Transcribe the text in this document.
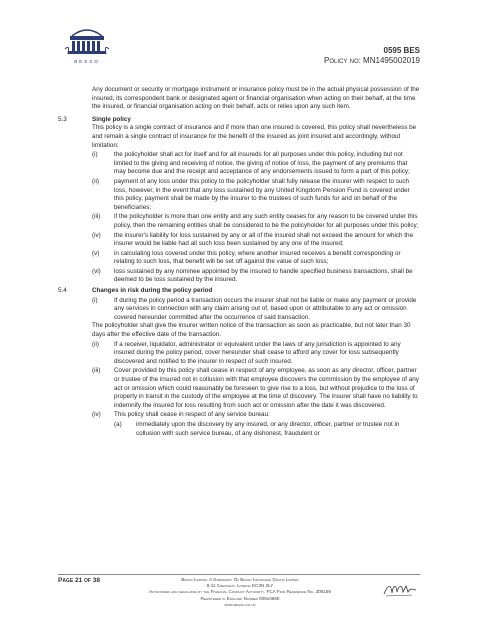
BESSO
0595 BES
Policy no: MN1495002019

Any document or security or mortgage instrument or insurance policy must be in the actual physical possession of the insured, its correspondent bank or designated agent or financial organisation when acting on their behalf, at the time the insured, or financial organisation acting on their behalf, acts or relies upon any such item.

5.3	Single policy
This policy is a single contract of insurance and if more than one insured is covered, this policy shall nevertheless be and remain a single contract of insurance for the benefit of the insured as joint insured and accordingly, without limitation:
(i)	the policyholder shall act for itself and for all insureds for all purposes under this policy, including but not limited to the giving and receiving of notice, the giving of notice of loss, the payment of any premiums that may become due and the receipt and acceptance of any endorsements issued to form a part of this policy;
(ii) payment of any loss under this policy to the policyholder shall fully release the insurer with respect to such loss, however, in the event that any loss sustained by any United Kingdom Pension Fund is covered under this policy, payment shall be made by the insurer to the trustees of such funds for and on behalf of the beneficiaries;
(iii) if the policyholder is more than one entity and any such entity ceases for any reason to be covered under this policy, then the remaining entities shall be considered to be the policyholder for all purposes under this policy;
(iv) the insurer's liability for loss sustained by any or all of the insured shall not exceed the amount for which the insurer would be liable had all such loss been sustained by any one of the insured;
(v) in calculating loss covered under this policy, where another insured receives a benefit corresponding or relating to such loss, that benefit will be set off against the value of such loss;
(vi) loss sustained by any nominee appointed by the insured to handle specified business transactions, shall be deemed to be loss sustained by the insured.
5.4	Changes in risk during the policy period
(i)	If during the policy period a transaction occurs the insurer shall not be liable or make any payment or provide any services in connection with any claim arising out of, based upon or attributable to any act or omission covered hereunder committed after the occurrence of said transaction.

The policyholder shall give the insurer written notice of the transaction as soon as practicable, but not later than 30 days after the effective date of the transaction.

(ii) If a receiver, liquidator, administrator or equivalent under the laws of any jurisdiction is appointed to any insured during the policy period, cover hereunder shall cease to afford any cover for loss subsequently discovered and notified to the insurer in respect of such insured.
(iii) Cover provided by this policy shall cease in respect of any employee, as soon as any director, officer, partner or trustee of the insured not in collusion with that employee discovers the commission by the employee of any act or omission which could reasonably be foreseen to give rise to a loss, but without prejudice to the loss of property in transit in the custody of the employee at the time of discovery. The insurer shall have no liability to indemnify the insured for loss resulting from such act or omission after the date it was discovered.
(iv) This policy shall cease in respect of any service bureau:
(a) immediately upon the discovery by any insured, or any director, officer, partner or trustee not in collusion with such service bureau, of any dishonest, fraudulent or
Page 21 of 38	Besso Limited. A Subsidiary Of Besso Insurance Group Limited
8-11 Crescent, London EC3N 2LY
Authorised and regulated by the Financial Conduct Authority. FCA Firm Reference No. 308159
Registered in England Number 00910680
www.besso.co.uk
